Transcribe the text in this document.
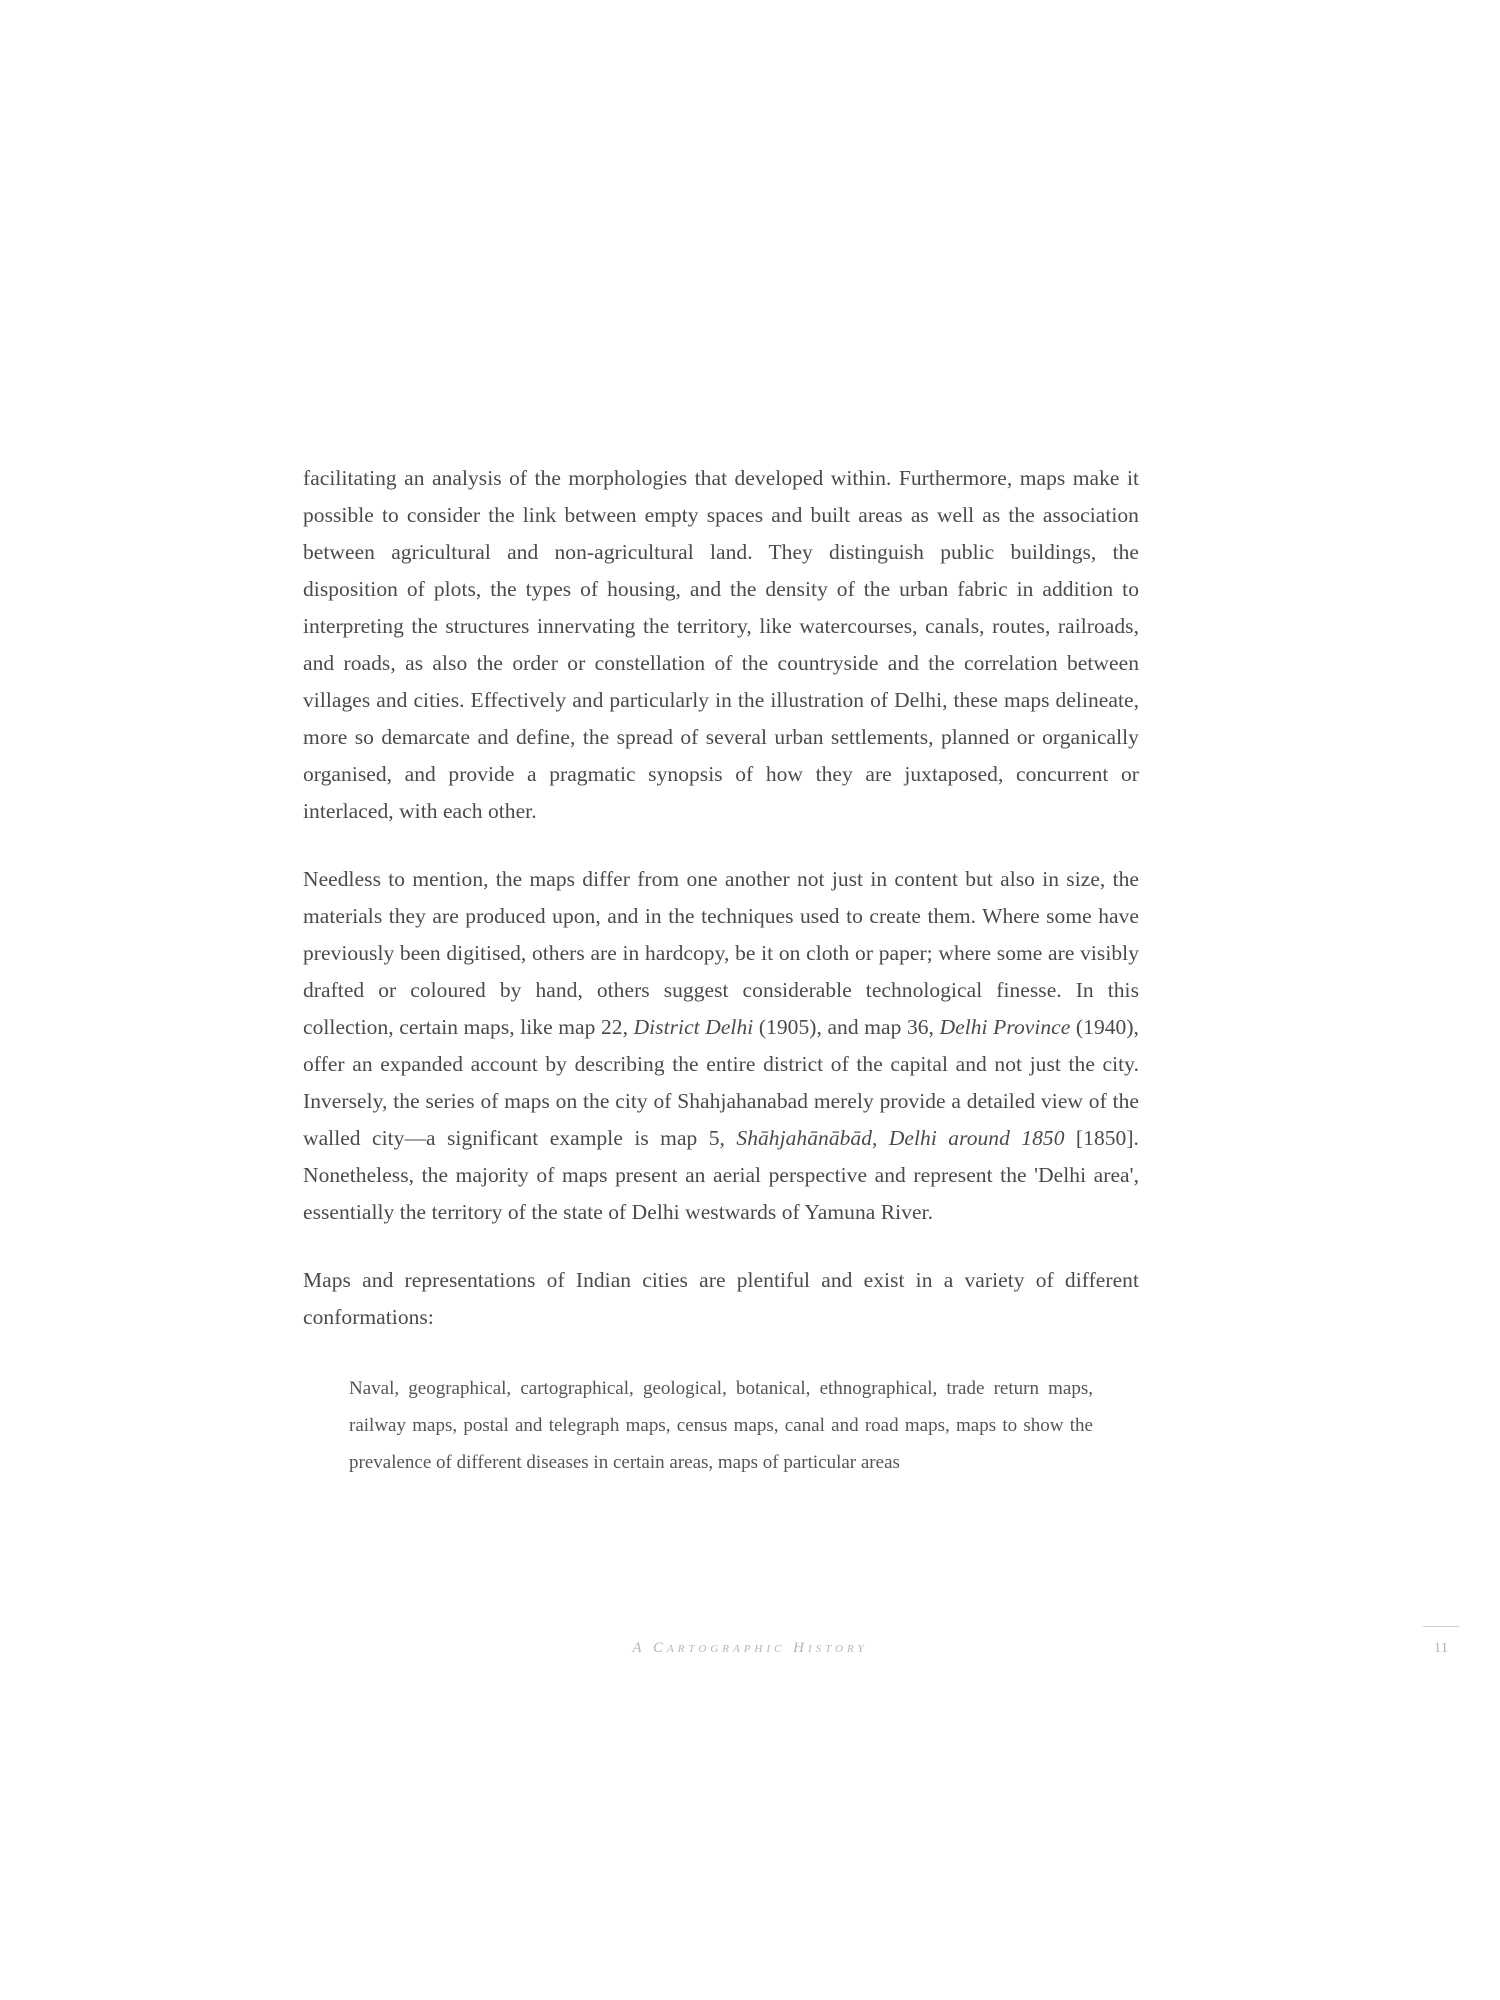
facilitating an analysis of the morphologies that developed within. Furthermore, maps make it possible to consider the link between empty spaces and built areas as well as the association between agricultural and non-agricultural land. They distinguish public buildings, the disposition of plots, the types of housing, and the density of the urban fabric in addition to interpreting the structures innervating the territory, like watercourses, canals, routes, railroads, and roads, as also the order or constellation of the countryside and the correlation between villages and cities. Effectively and particularly in the illustration of Delhi, these maps delineate, more so demarcate and define, the spread of several urban settlements, planned or organically organised, and provide a pragmatic synopsis of how they are juxtaposed, concurrent or interlaced, with each other.

Needless to mention, the maps differ from one another not just in content but also in size, the materials they are produced upon, and in the techniques used to create them. Where some have previously been digitised, others are in hardcopy, be it on cloth or paper; where some are visibly drafted or coloured by hand, others suggest considerable technological finesse. In this collection, certain maps, like map 22, District Delhi (1905), and map 36, Delhi Province (1940), offer an expanded account by describing the entire district of the capital and not just the city. Inversely, the series of maps on the city of Shahjahanabad merely provide a detailed view of the walled city—a significant example is map 5, Shāhjahānābād, Delhi around 1850 [1850]. Nonetheless, the majority of maps present an aerial perspective and represent the 'Delhi area', essentially the territory of the state of Delhi westwards of Yamuna River.

Maps and representations of Indian cities are plentiful and exist in a variety of different conformations:

Naval, geographical, cartographical, geological, botanical, ethnographical, trade return maps, railway maps, postal and telegraph maps, census maps, canal and road maps, maps to show the prevalence of different diseases in certain areas, maps of particular areas

A Cartographic History	11
